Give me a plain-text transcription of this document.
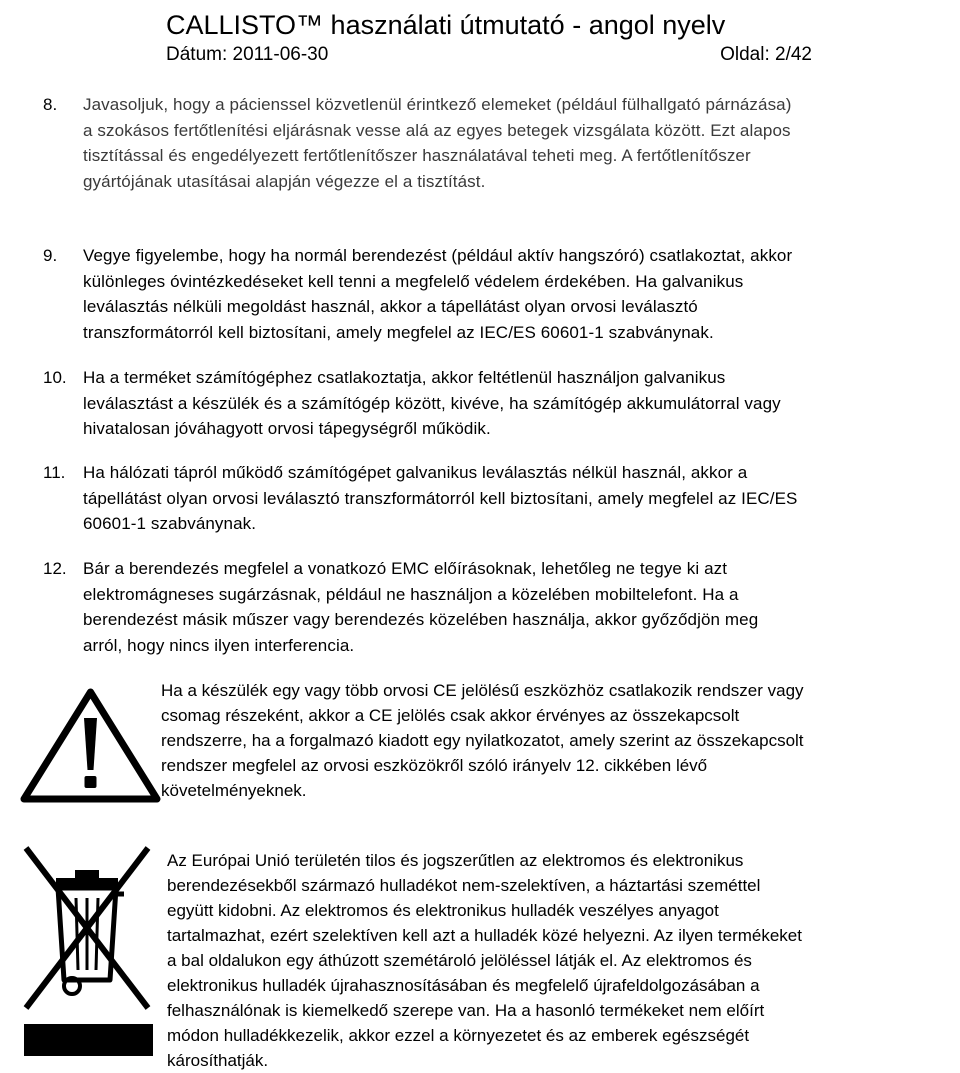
CALLISTO™ használati útmutató - angol nyelv
Dátum: 2011-06-30	Oldal: 2/42
8. Javasoljuk, hogy a pácienssel közvetlenül érintkező elemeket (például fülhallgató párnázása)
a szokásos fertőtlenítési eljárásnak vesse alá az egyes betegek vizsgálata között. Ezt alapos
tisztítással és engedélyezett fertőtlenítőszer használatával teheti meg. A fertőtlenítőszer
gyártójának utasításai alapján végezze el a tisztítást.
9. Vegye figyelembe, hogy ha normál berendezést (például aktív hangszóró) csatlakoztat, akkor
különleges óvintézkedéseket kell tenni a megfelelő védelem érdekében. Ha galvanikus
leválasztás nélküli megoldást használ, akkor a tápellátást olyan orvosi leválasztó
transzformátorról kell biztosítani, amely megfelel az IEC/ES 60601-1 szabványnak.
10. Ha a terméket számítógéphez csatlakoztatja, akkor feltétlenül használjon galvanikus
leválasztást a készülék és a számítógép között, kivéve, ha számítógép akkumulátorral vagy
hivatalosan jóváhagyott orvosi tápegységről működik.
11. Ha hálózati tápról működő számítógépet galvanikus leválasztás nélkül használ, akkor a
tápellátást olyan orvosi leválasztó transzformátorról kell biztosítani, amely megfelel az IEC/ES
60601-1 szabványnak.
12. Bár a berendezés megfelel a vonatkozó EMC előírásoknak, lehetőleg ne tegye ki azt
elektromágneses sugárzásnak, például ne használjon a közelében mobiltelefont. Ha a
berendezést másik műszer vagy berendezés közelében használja, akkor győződjön meg
arról, hogy nincs ilyen interferencia.
Ha a készülék egy vagy több orvosi CE jelölésű eszközhöz csatlakozik rendszer vagy
csomag részeként, akkor a CE jelölés csak akkor érvényes az összekapcsolt
rendszerre, ha a forgalmazó kiadott egy nyilatkozatot, amely szerint az összekapcsolt
rendszer megfelel az orvosi eszközökről szóló irányelv 12. cikkében lévő
követelményeknek.
Az Európai Unió területén tilos és jogszerűtlen az elektromos és elektronikus
berendezésekből származó hulladékot nem-szelektíven, a háztartási szeméttel
együtt kidobni. Az elektromos és elektronikus hulladék veszélyes anyagot
tartalmazhat, ezért szelektíven kell azt a hulladék közé helyezni. Az ilyen termékeket
a bal oldalukon egy áthúzott szemétároló jelöléssel látják el. Az elektromos és
elektronikus hulladék újrahasznosításában és megfelelő újrafeldolgozásában a
felhasználónak is kiemelkedő szerepe van. Ha a hasonló termékeket nem előírt
módon hulladékkezelik, akkor ezzel a környezetet és az emberek egészségét
károsíthatják.
